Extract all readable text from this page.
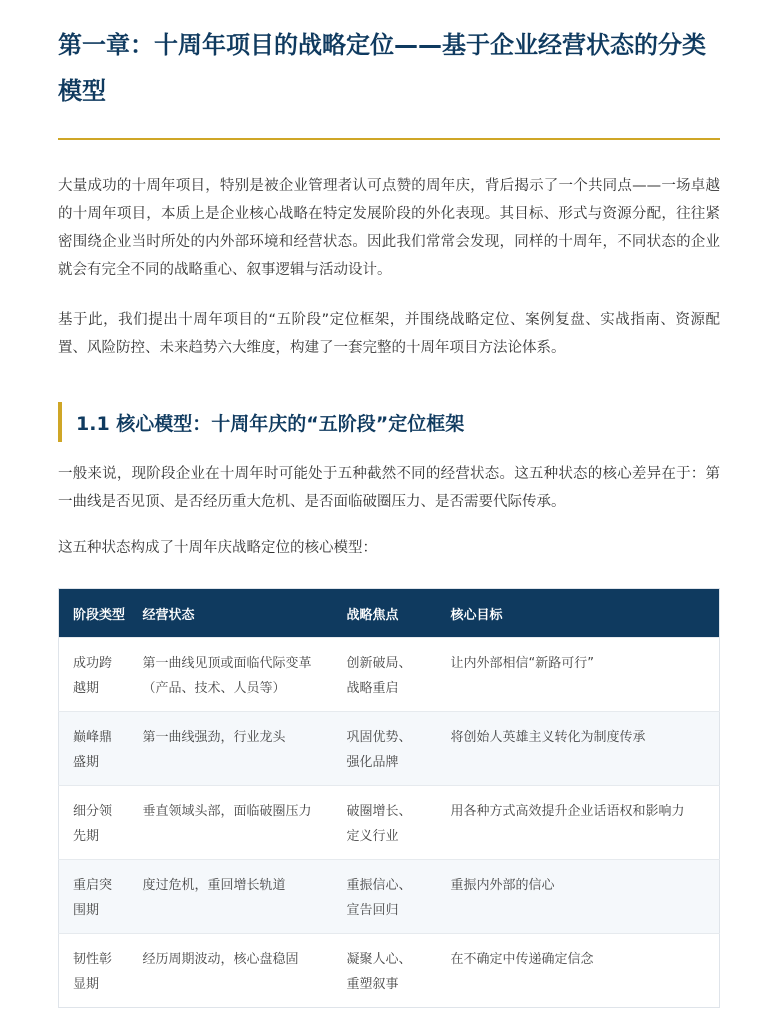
第一章：十周年项目的战略定位——基于企业经营状态的分类模型

大量成功的十周年项目，特别是被企业管理者认可点赞的周年庆，背后揭示了一个共同点——一场卓越的十周年项目，本质上是企业核心战略在特定发展阶段的外化表现。其目标、形式与资源分配，往往紧密围绕企业当时所处的内外部环境和经营状态。因此我们常常会发现，同样的十周年，不同状态的企业就会有完全不同的战略重心、叙事逻辑与活动设计。

基于此，我们提出十周年项目的“五阶段”定位框架，并围绕战略定位、案例复盘、实战指南、资源配置、风险防控、未来趋势六大维度，构建了一套完整的十周年项目方法论体系。

1.1 核心模型：十周年庆的“五阶段”定位框架

一般来说，现阶段企业在十周年时可能处于五种截然不同的经营状态。这五种状态的核心差异在于：第一曲线是否见顶、是否经历重大危机、是否面临破圈压力、是否需要代际传承。

这五种状态构成了十周年庆战略定位的核心模型：

阶段类型	经营状态	战略焦点	核心目标
成功跨越期	第一曲线见顶或面临代际变革（产品、技术、人员等）	创新破局、战略重启	让内外部相信“新路可行”
巅峰鼎盛期	第一曲线强劲，行业龙头	巩固优势、强化品牌	将创始人英雄主义转化为制度传承
细分领先期	垂直领域头部，面临破圈压力	破圈增长、定义行业	用各种方式高效提升企业话语权和影响力
重启突围期	度过危机，重回增长轨道	重振信心、宣告回归	重振内外部的信心
韧性彰显期	经历周期波动，核心盘稳固	凝聚人心、重塑叙事	在不确定中传递确定信念
